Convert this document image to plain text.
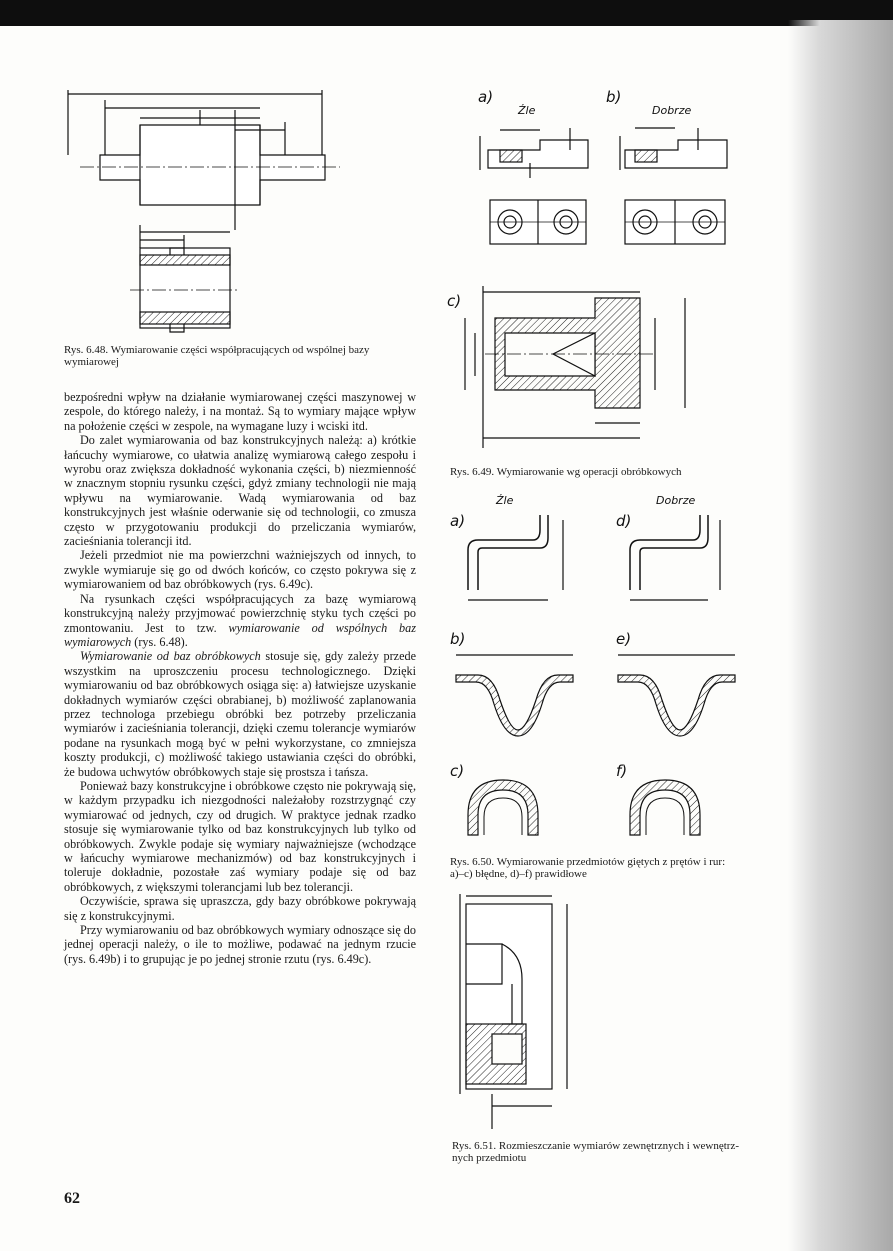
Rys. 6.48. Wymiarowanie części współpracujących od wspólnej bazy wymiarowej
a)
Źle
b)
Dobrze
c)
Rys. 6.49. Wymiarowanie wg operacji obróbkowych
Źle	Dobrze
a)	d)
b)	e)
c)	f)
Rys. 6.50. Wymiarowanie przedmiotów giętych z prętów i rur:
a)–c) błędne, d)–f) prawidłowe
Rys. 6.51. Rozmieszczanie wymiarów zewnętrznych i wewnętrz-
nych przedmiotu

bezpośredni wpływ na działanie wymiarowanej części maszynowej w zespole, do którego należy, i na montaż. Są to wymiary mające wpływ na położenie części w zespole, na wymagane luzy i wciski itd.

Do zalet wymiarowania od baz konstrukcyjnych należą: a) krótkie łańcuchy wymiarowe, co ułatwia analizę wymiarową całego zespołu i wyrobu oraz zwiększa dokładność wykonania części, b) niezmienność w znacznym stopniu rysunku części, gdyż zmiany technologii nie mają wpływu na wymiarowanie. Wadą wymiarowania od baz konstrukcyjnych jest właśnie oderwanie się od technologii, co zmusza często w przygotowaniu produkcji do przeliczania wymiarów, zacieśniania tolerancji itd.

Jeżeli przedmiot nie ma powierzchni ważniejszych od innych, to zwykle wymiaruje się go od dwóch końców, co często pokrywa się z wymiarowaniem od baz obróbkowych (rys. 6.49c).

Na rysunkach części współpracujących za bazę wymiarową konstrukcyjną należy przyjmować powierzchnię styku tych części po zmontowaniu. Jest to tzw. wymiarowanie od wspólnych baz wymiarowych (rys. 6.48).

Wymiarowanie od baz obróbkowych stosuje się, gdy zależy przede wszystkim na uproszczeniu procesu technologicznego. Dzięki wymiarowaniu od baz obróbkowych osiąga się: a) łatwiejsze uzyskanie dokładnych wymiarów części obrabianej, b) możliwość zaplanowania przez technologa przebiegu obróbki bez potrzeby przeliczania wymiarów i zacieśniania tolerancji, dzięki czemu tolerancje wymiarów podane na rysunkach mogą być w pełni wykorzystane, co zmniejsza koszty produkcji, c) możliwość takiego ustawiania części do obróbki, że budowa uchwytów obróbkowych staje się prostsza i tańsza.

Ponieważ bazy konstrukcyjne i obróbkowe często nie pokrywają się, w każdym przypadku ich niezgodności należałoby rozstrzygnąć czy wymiarować od jednych, czy od drugich. W praktyce jednak rzadko stosuje się wymiarowanie tylko od baz konstrukcyjnych lub tylko od obróbkowych. Zwykle podaje się wymiary najważniejsze (wchodzące w łańcuchy wymiarowe mechanizmów) od baz konstrukcyjnych i toleruje dokładnie, pozostałe zaś wymiary podaje się od baz obróbkowych, z większymi tolerancjami lub bez tolerancji.

Oczywiście, sprawa się upraszcza, gdy bazy obróbkowe pokrywają się z konstrukcyjnymi.

Przy wymiarowaniu od baz obróbkowych wymiary odnoszące się do jednej operacji należy, o ile to możliwe, podawać na jednym rzucie (rys. 6.49b) i to grupując je po jednej stronie rzutu (rys. 6.49c).

62
